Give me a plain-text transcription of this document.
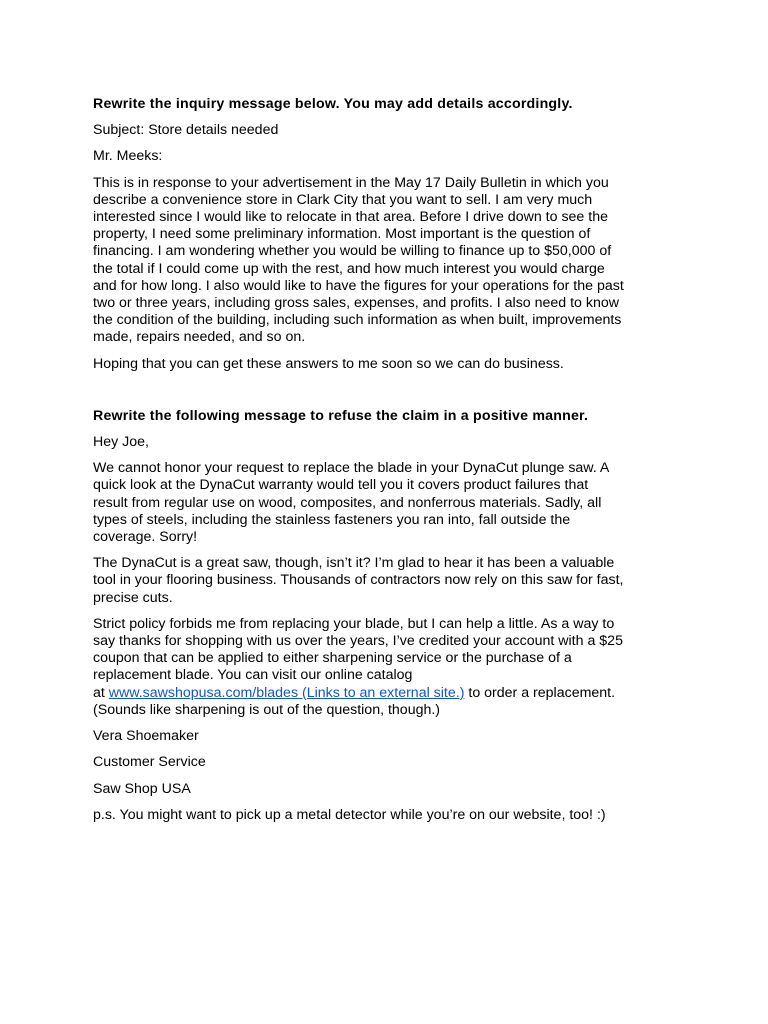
Rewrite the inquiry message below. You may add details accordingly.
Subject: Store details needed
Mr. Meeks:
This is in response to your advertisement in the May 17 Daily Bulletin in which you
describe a convenience store in Clark City that you want to sell. I am very much
interested since I would like to relocate in that area. Before I drive down to see the
property, I need some preliminary information. Most important is the question of
financing. I am wondering whether you would be willing to finance up to $50,000 of
the total if I could come up with the rest, and how much interest you would charge
and for how long. I also would like to have the figures for your operations for the past
two or three years, including gross sales, expenses, and profits. I also need to know
the condition of the building, including such information as when built, improvements
made, repairs needed, and so on.
Hoping that you can get these answers to me soon so we can do business.
Rewrite the following message to refuse the claim in a positive manner.
Hey Joe,
We cannot honor your request to replace the blade in your DynaCut plunge saw. A
quick look at the DynaCut warranty would tell you it covers product failures that
result from regular use on wood, composites, and nonferrous materials. Sadly, all
types of steels, including the stainless fasteners you ran into, fall outside the
coverage. Sorry!
The DynaCut is a great saw, though, isn’t it? I’m glad to hear it has been a valuable
tool in your flooring business. Thousands of contractors now rely on this saw for fast,
precise cuts.
Strict policy forbids me from replacing your blade, but I can help a little. As a way to
say thanks for shopping with us over the years, I’ve credited your account with a $25
coupon that can be applied to either sharpening service or the purchase of a
replacement blade. You can visit our online catalog
at www.sawshopusa.com/blades (Links to an external site.) to order a replacement.
(Sounds like sharpening is out of the question, though.)
Vera Shoemaker
Customer Service
Saw Shop USA
p.s. You might want to pick up a metal detector while you’re on our website, too! :)
